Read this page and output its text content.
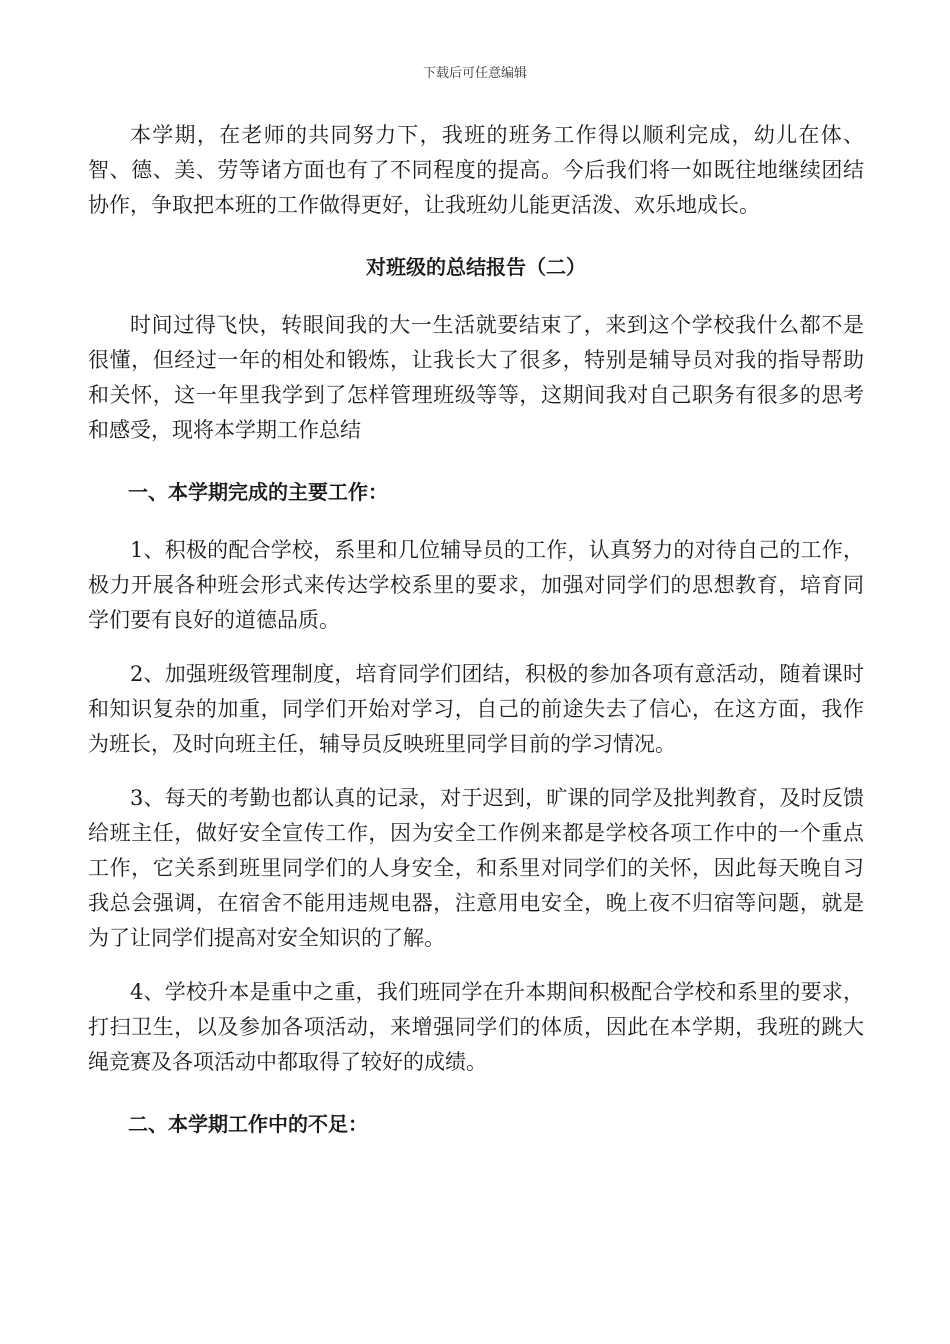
下载后可任意编辑

本学期，在老师的共同努力下，我班的班务工作得以顺利完成，幼儿在体、智、德、美、劳等诸方面也有了不同程度的提高。今后我们将一如既往地继续团结协作，争取把本班的工作做得更好，让我班幼儿能更活泼、欢乐地成长。

对班级的总结报告（二）

时间过得飞快，转眼间我的大一生活就要结束了，来到这个学校我什么都不是很懂，但经过一年的相处和锻炼，让我长大了很多，特别是辅导员对我的指导帮助和关怀，这一年里我学到了怎样管理班级等等，这期间我对自己职务有很多的思考和感受，现将本学期工作总结

一、本学期完成的主要工作：

1、积极的配合学校，系里和几位辅导员的工作，认真努力的对待自己的工作，极力开展各种班会形式来传达学校系里的要求，加强对同学们的思想教育，培育同学们要有良好的道德品质。

2、加强班级管理制度，培育同学们团结，积极的参加各项有意活动，随着课时和知识复杂的加重，同学们开始对学习，自己的前途失去了信心，在这方面，我作为班长，及时向班主任，辅导员反映班里同学目前的学习情况。

3、每天的考勤也都认真的记录，对于迟到，旷课的同学及批判教育，及时反馈给班主任，做好安全宣传工作，因为安全工作例来都是学校各项工作中的一个重点工作，它关系到班里同学们的人身安全，和系里对同学们的关怀，因此每天晚自习我总会强调，在宿舍不能用违规电器，注意用电安全，晚上夜不归宿等问题，就是为了让同学们提高对安全知识的了解。

4、学校升本是重中之重，我们班同学在升本期间积极配合学校和系里的要求，打扫卫生，以及参加各项活动，来增强同学们的体质，因此在本学期，我班的跳大绳竞赛及各项活动中都取得了较好的成绩。

二、本学期工作中的不足：
